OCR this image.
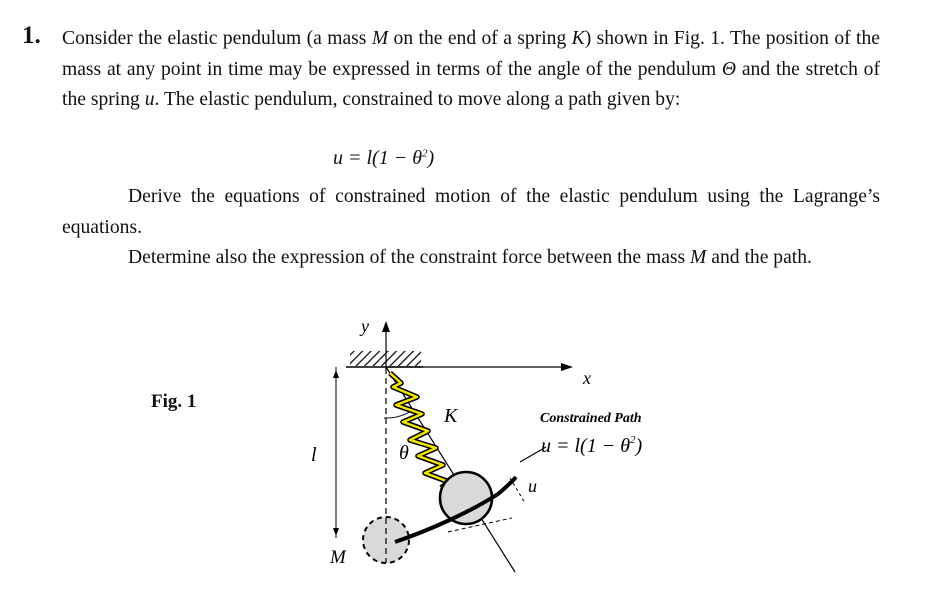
1. Consider the elastic pendulum (a mass M on the end of a spring K) shown in Fig. 1. The position of the mass at any point in time may be expressed in terms of the angle of the pendulum Θ and the stretch of the spring u. The elastic pendulum, constrained to move along a path given by:
$u = l(1 - \theta^2)$
Derive the equations of constrained motion of the elastic pendulum using the Lagrange’s equations.
Determine also the expression of the constraint force between the mass M and the path.
Fig. 1
y
x
l
M
θ
K
u
Constrained Path
$u = l(1 - \theta^2)$
